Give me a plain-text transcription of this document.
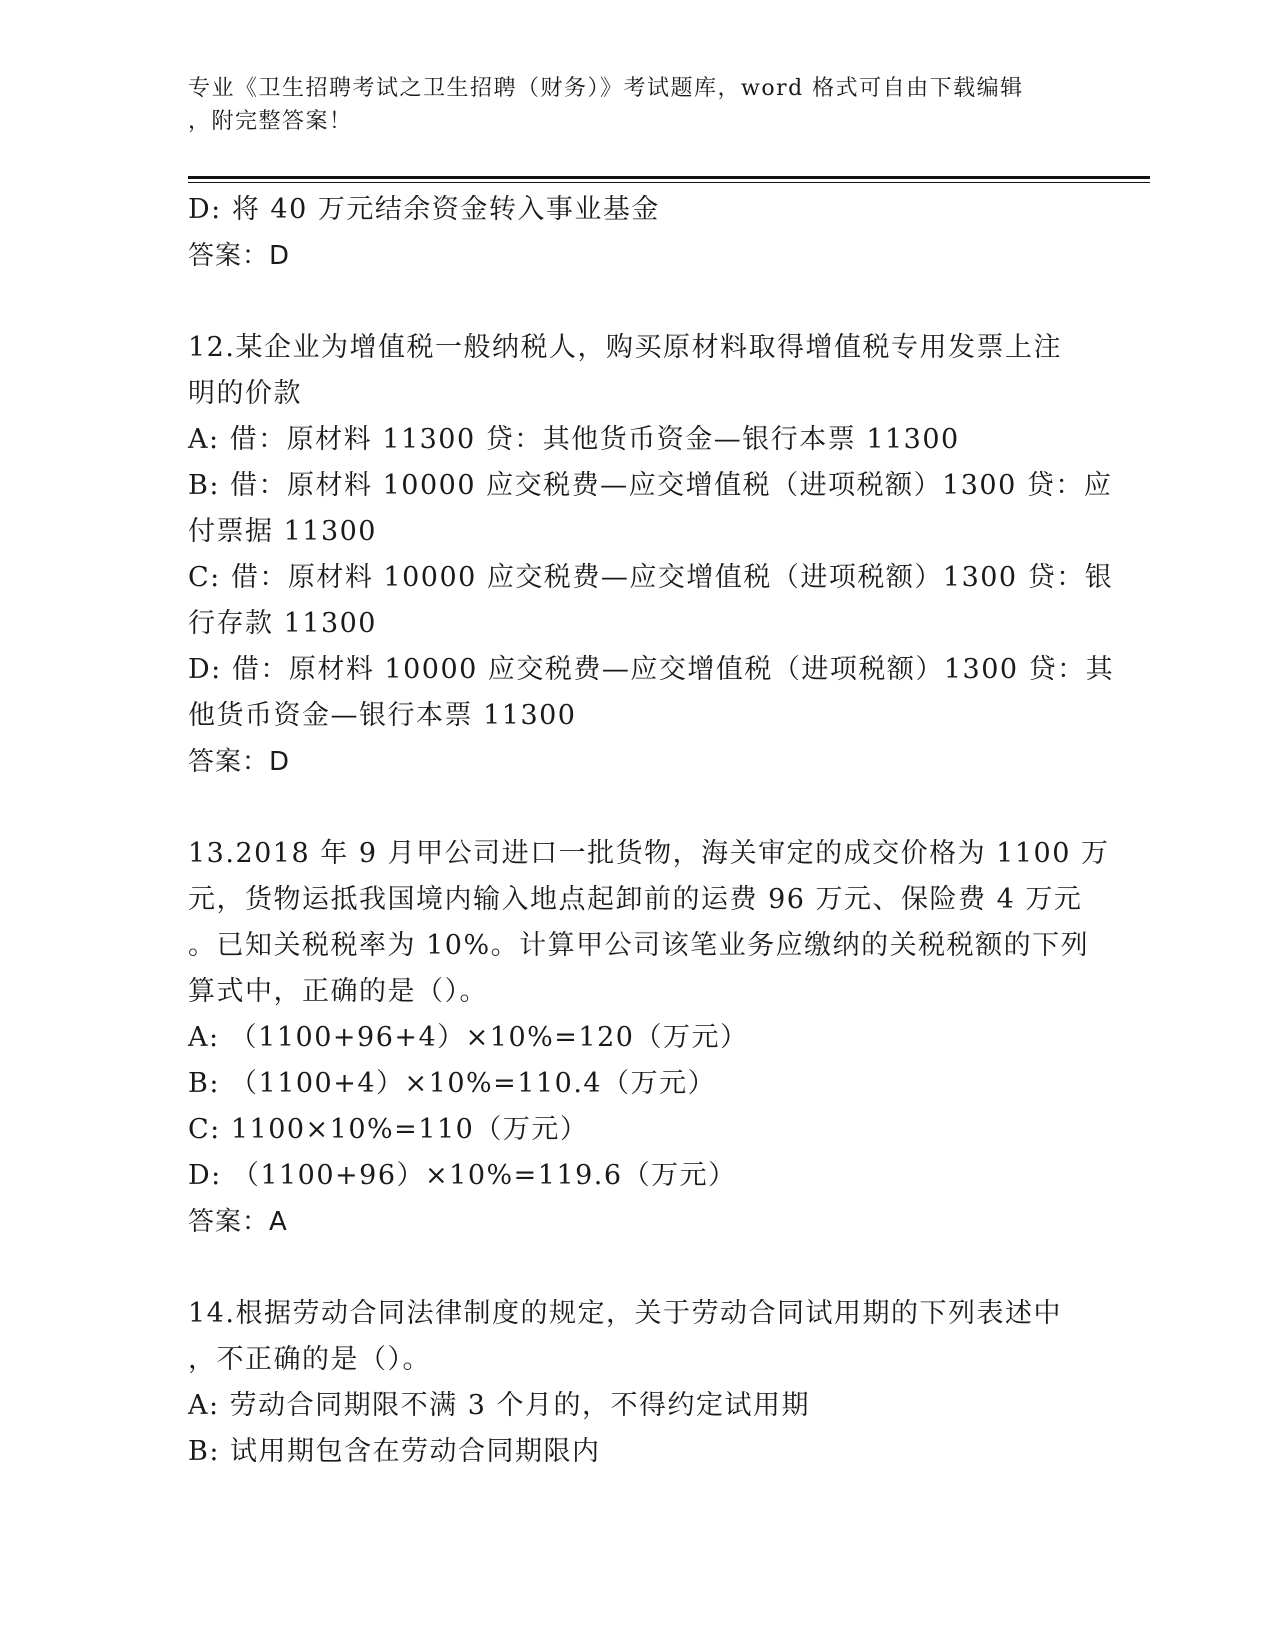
专业《卫生招聘考试之卫生招聘（财务）》考试题库，word 格式可自由下载编辑
，附完整答案！
D: 将 40 万元结余资金转入事业基金
答案：D
12.某企业为增值税一般纳税人，购买原材料取得增值税专用发票上注
明的价款
A: 借：原材料 11300 贷：其他货币资金—银行本票 11300
B: 借：原材料 10000 应交税费—应交增值税（进项税额）1300 贷：应
付票据 11300
C: 借：原材料 10000 应交税费—应交增值税（进项税额）1300 贷：银
行存款 11300
D: 借：原材料 10000 应交税费—应交增值税（进项税额）1300 贷：其
他货币资金—银行本票 11300
答案：D
13.2018 年 9 月甲公司进口一批货物，海关审定的成交价格为 1100 万
元，货物运抵我国境内输入地点起卸前的运费 96 万元、保险费 4 万元
。已知关税税率为 10%。计算甲公司该笔业务应缴纳的关税税额的下列
算式中，正确的是（）。
A: （1100+96+4）×10%=120（万元）
B: （1100+4）×10%=110.4（万元）
C: 1100×10%=110（万元）
D: （1100+96）×10%=119.6（万元）
答案：A
14.根据劳动合同法律制度的规定，关于劳动合同试用期的下列表述中
，不正确的是（）。
A: 劳动合同期限不满 3 个月的，不得约定试用期
B: 试用期包含在劳动合同期限内
